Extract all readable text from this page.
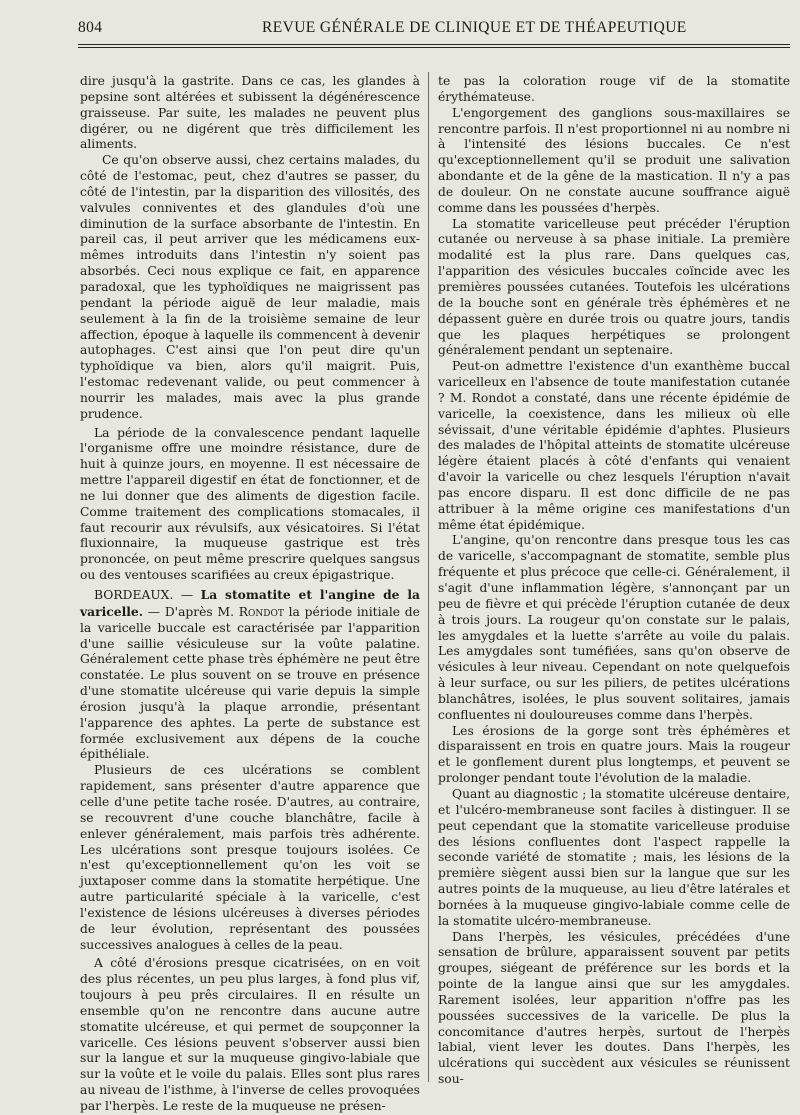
804	REVUE GÉNÉRALE DE CLINIQUE ET DE THÉAPEUTIQUE

dire jusqu'à la gastrite. Dans ce cas, les glandes à pepsine sont altérées et subissent la dégénérescence graisseuse. Par suite, les malades ne peuvent plus digérer, ou ne digérent que très difficilement les aliments.

Ce qu'on observe aussi, chez certains malades, du côté de l'estomac, peut, chez d'autres se passer, du côté de l'intestin, par la disparition des villosités, des valvules conniventes et des glandules d'où une diminution de la surface absorbante de l'intestin. En pareil cas, il peut arriver que les médicamens eux-mêmes introduits dans l'intestin n'y soient pas absorbés. Ceci nous explique ce fait, en apparence paradoxal, que les typhoïdiques ne maigrissent pas pendant la période aiguë de leur maladie, mais seulement à la fin de la troisième semaine de leur affection, époque à laquelle ils commencent à devenir autophages. C'est ainsi que l'on peut dire qu'un typhoïdique va bien, alors qu'il maigrit. Puis, l'estomac redevenant valide, ou peut commencer à nourrir les malades, mais avec la plus grande prudence.

La période de la convalescence pendant laquelle l'organisme offre une moindre résistance, dure de huit à quinze jours, en moyenne. Il est nécessaire de mettre l'appareil digestif en état de fonctionner, et de ne lui donner que des aliments de digestion facile. Comme traitement des complications stomacales, il faut recourir aux révulsifs, aux vésicatoires. Si l'état fluxionnaire, la muqueuse gastrique est très prononcée, on peut même prescrire quelques sangsus ou des ventouses scarifiées au creux épigastrique.

BORDEAUX. — La stomatite et l'angine de la varicelle. — D'après M. Rondot la période initiale de la varicelle buccale est caractérisée par l'apparition d'une saillie vésiculeuse sur la voûte palatine. Généralement cette phase très éphémère ne peut être constatée. Le plus souvent on se trouve en présence d'une stomatite ulcéreuse qui varie depuis la simple érosion jusqu'à la plaque arrondie, présentant l'apparence des aphtes. La perte de substance est formée exclusivement aux dépens de la couche épithéliale.

Plusieurs de ces ulcérations se comblent rapidement, sans présenter d'autre apparence que celle d'une petite tache rosée. D'autres, au contraire, se recouvrent d'une couche blanchâtre, facile à enlever généralement, mais parfois très adhérente. Les ulcérations sont presque toujours isolées. Ce n'est qu'exceptionnellement qu'on les voit se juxtaposer comme dans la stomatite herpétique. Une autre particularité spéciale à la varicelle, c'est l'existence de lésions ulcéreuses à diverses périodes de leur évolution, représentant des poussées successives analogues à celles de la peau.

A côté d'érosions presque cicatrisées, on en voit des plus récentes, un peu plus larges, à fond plus vif, toujours à peu prês circulaires. Il en résulte un ensemble qu'on ne rencontre dans aucune autre stomatite ulcéreuse, et qui permet de soupçonner la varicelle. Ces lésions peuvent s'observer aussi bien sur la langue et sur la muqueuse gingivo-labiale que sur la voûte et le voile du palais. Elles sont plus rares au niveau de l'isthme, à l'inverse de celles provoquées par l'herpès. Le reste de la muqueuse ne présen-

te pas la coloration rouge vif de la stomatite érythémateuse.

L'engorgement des ganglions sous-maxillaires se rencontre parfois. Il n'est proportionnel ni au nombre ni à l'intensité des lésions buccales. Ce n'est qu'exceptionnellement qu'il se produit une salivation abondante et de la gêne de la mastication. Il n'y a pas de douleur. On ne constate aucune souffrance aiguë comme dans les poussées d'herpès.

La stomatite varicelleuse peut précéder l'éruption cutanée ou nerveuse à sa phase initiale. La première modalité est la plus rare. Dans quelques cas, l'apparition des vésicules buccales coïncide avec les premières poussées cutanées. Toutefois les ulcérations de la bouche sont en générale très éphémères et ne dépassent guère en durée trois ou quatre jours, tandis que les plaques herpétiques se prolongent généralement pendant un septenaire.

Peut-on admettre l'existence d'un exanthème buccal varicelleux en l'absence de toute manifestation cutanée ? M. Rondot a constaté, dans une récente épidémie de varicelle, la coexistence, dans les milieux où elle sévissait, d'une véritable épidémie d'aphtes. Plusieurs des malades de l'hôpital atteints de stomatite ulcéreuse légère étaient placés à côté d'enfants qui venaient d'avoir la varicelle ou chez lesquels l'éruption n'avait pas encore disparu. Il est donc difficile de ne pas attribuer à la même origine ces manifestations d'un même état épidémique.

L'angine, qu'on rencontre dans presque tous les cas de varicelle, s'accompagnant de stomatite, semble plus fréquente et plus précoce que celle-ci. Généralement, il s'agit d'une inflammation légère, s'annonçant par un peu de fièvre et qui précède l'éruption cutanée de deux à trois jours. La rougeur qu'on constate sur le palais, les amygdales et la luette s'arrête au voile du palais. Les amygdales sont tuméfiées, sans qu'on observe de vésicules à leur niveau. Cependant on note quelquefois à leur surface, ou sur les piliers, de petites ulcérations blanchâtres, isolées, le plus souvent solitaires, jamais confluentes ni douloureuses comme dans l'herpès.

Les érosions de la gorge sont très éphémères et disparaissent en trois en quatre jours. Mais la rougeur et le gonflement durent plus longtemps, et peuvent se prolonger pendant toute l'évolution de la maladie.

Quant au diagnostic ; la stomatite ulcéreuse dentaire, et l'ulcéro-membraneuse sont faciles à distinguer. Il se peut cependant que la stomatite varicelleuse produise des lésions confluentes dont l'aspect rappelle la seconde variété de stomatite ; mais, les lésions de la première siègent aussi bien sur la langue que sur les autres points de la muqueuse, au lieu d'être latérales et bornées à la muqueuse gingivo-labiale comme celle de la stomatite ulcéro-membraneuse.

Dans l'herpès, les vésicules, précédées d'une sensation de brûlure, apparaissent souvent par petits groupes, siégeant de préférence sur les bords et la pointe de la langue ainsi que sur les amygdales. Rarement isolées, leur apparition n'offre pas les poussées successives de la varicelle. De plus la concomitance d'autres herpès, surtout de l'herpès labial, vient lever les doutes. Dans l'herpès, les ulcérations qui succèdent aux vésicules se réunissent sou-
